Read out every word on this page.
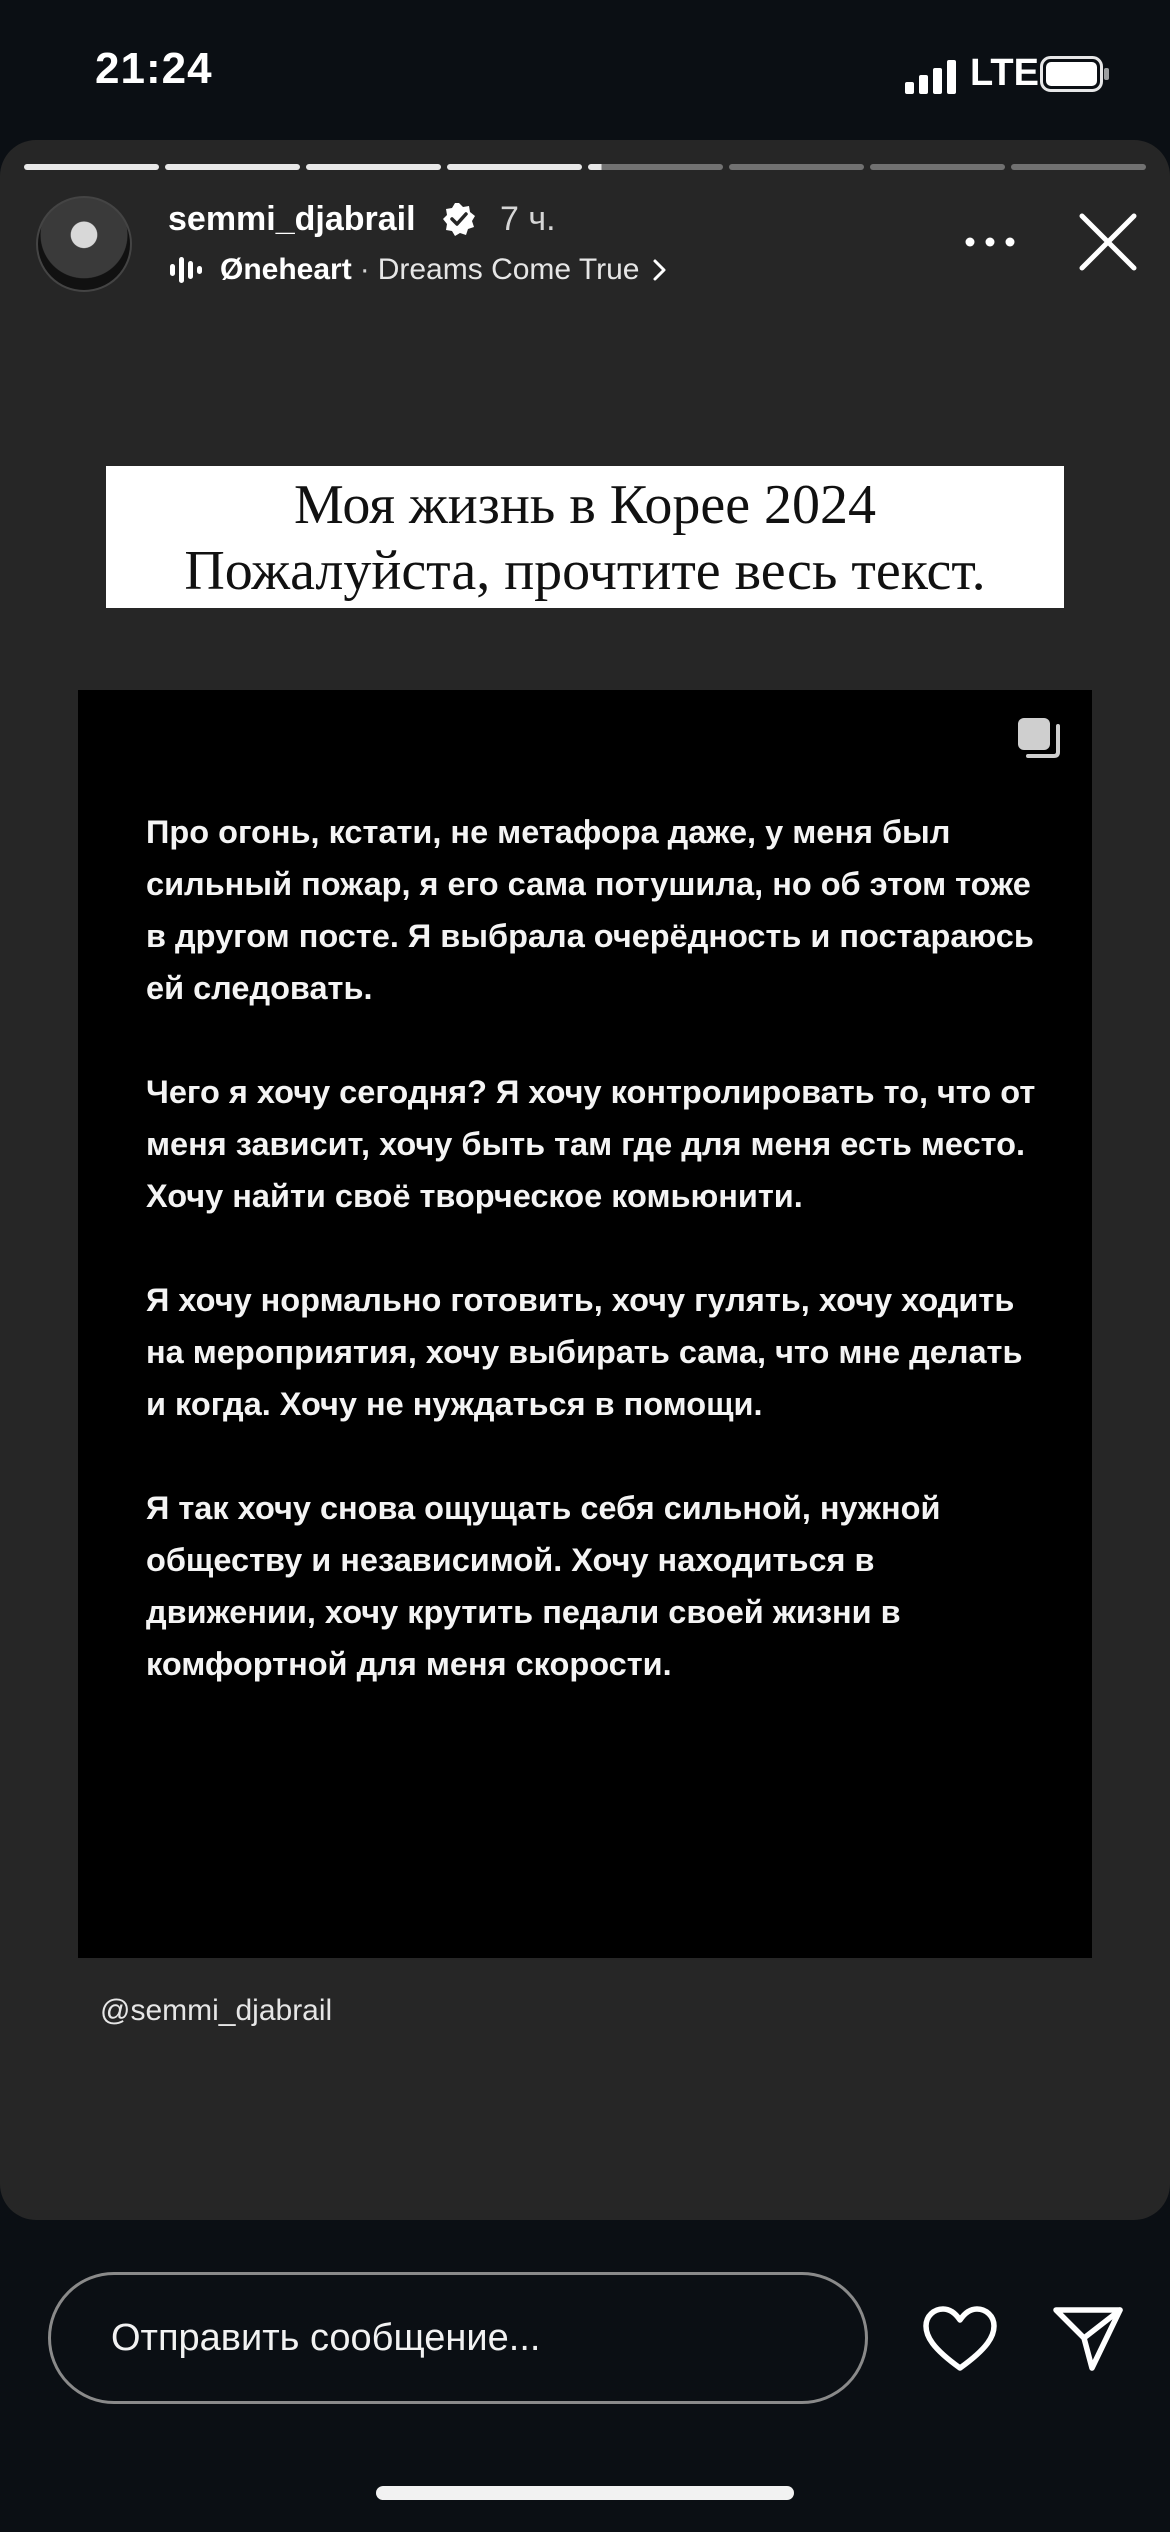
21:24	LTE
semmi_djabrail 7 ч.
Øneheart · Dreams Come True
Моя жизнь в Корее 2024
Пожалуйста, прочтите весь текст.

Про огонь, кстати, не метафора даже, у меня был сильный пожар, я его сама потушила, но об этом тоже в другом посте. Я выбрала очерёдность и постараюсь ей следовать.

Чего я хочу сегодня? Я хочу контролировать то, что от меня зависит, хочу быть там где для меня есть место. Хочу найти своё творческое комьюнити.

Я хочу нормально готовить, хочу гулять, хочу ходить на мероприятия, хочу выбирать сама, что мне делать и когда. Хочу не нуждаться в помощи.

Я так хочу снова ощущать себя сильной, нужной обществу и независимой. Хочу находиться в движении, хочу крутить педали своей жизни в комфортной для меня скорости.

@semmi_djabrail
Отправить сообщение...
